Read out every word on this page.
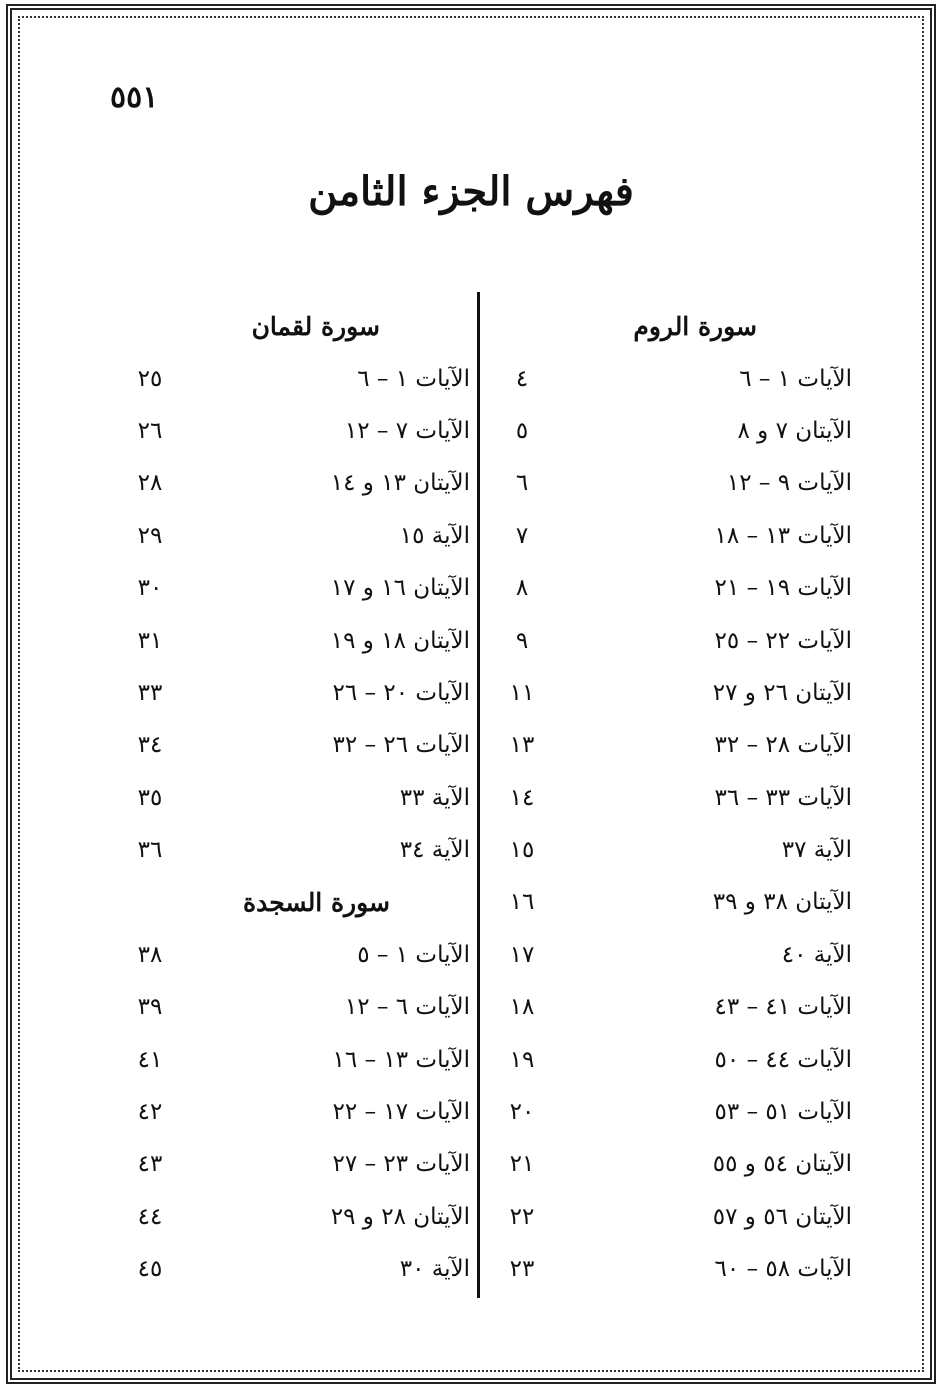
٥٥١
فهرس الجزء الثامن
سورة الروم
الآيات ١ – ٦
٤
الآيتان ٧ و ٨
٥
الآيات ٩ – ١٢
٦
الآيات ١٣ – ١٨
٧
الآيات ١٩ – ٢١
٨
الآيات ٢٢ – ٢٥
٩
الآيتان ٢٦ و ٢٧
١١
الآيات ٢٨ – ٣٢
١٣
الآيات ٣٣ – ٣٦
١٤
الآية ٣٧
١٥
الآيتان ٣٨ و ٣٩
١٦
الآية ٤٠
١٧
الآيات ٤١ – ٤٣
١٨
الآيات ٤٤ – ٥٠
١٩
الآيات ٥١ – ٥٣
٢٠
الآيتان ٥٤ و ٥٥
٢١
الآيتان ٥٦ و ٥٧
٢٢
الآيات ٥٨ – ٦٠
٢٣
سورة لقمان
الآيات ١ – ٦
٢٥
الآيات ٧ – ١٢
٢٦
الآيتان ١٣ و ١٤
٢٨
الآية ١٥
٢٩
الآيتان ١٦ و ١٧
٣٠
الآيتان ١٨ و ١٩
٣١
الآيات ٢٠ – ٢٦
٣٣
الآيات ٢٦ – ٣٢
٣٤
الآية ٣٣
٣٥
الآية ٣٤
٣٦
سورة السجدة
الآيات ١ – ٥
٣٨
الآيات ٦ – ١٢
٣٩
الآيات ١٣ – ١٦
٤١
الآيات ١٧ – ٢٢
٤٢
الآيات ٢٣ – ٢٧
٤٣
الآيتان ٢٨ و ٢٩
٤٤
الآية ٣٠
٤٥
